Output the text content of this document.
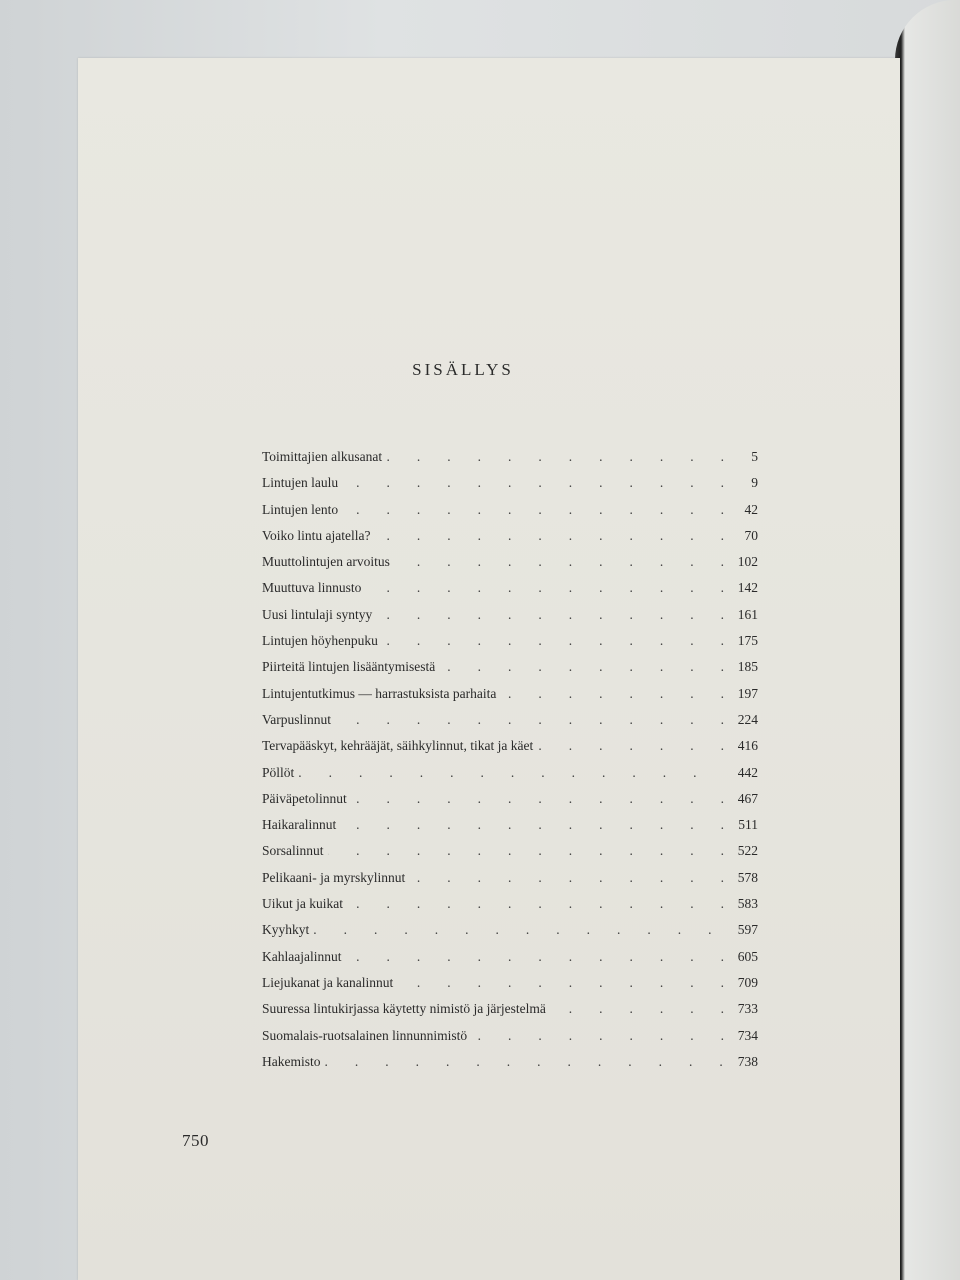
SISÄLLYS
Toimittajien alkusanat .	5
Lintujen laulu .	9
Lintujen lento .	42
Voiko lintu ajatella? .	70
Muuttolintujen arvoitus .	102
Muuttuva linnusto .	142
Uusi lintulaji syntyy .	161
Lintujen höyhenpuku .	175
Piirteitä lintujen lisääntymisestä .	185
Lintujentutkimus — harrastuksista parhaita .	197
Varpuslinnut .	224
Tervapääskyt, kehrääjät, säihkylinnut, tikat ja käet .	416
Pöllöt .	442
Päiväpetolinnut .	467
Haikaralinnut .	511
Sorsalinnut .	522
Pelikaani- ja myrskylinnut .	578
Uikut ja kuikat .	583
Kyyhkyt .	597
Kahlaajalinnut .	605
Liejukanat ja kanalinnut .	709
Suuressa lintukirjassa käytetty nimistö ja järjestelmä .	733
Suomalais-ruotsalainen linnunnimistö .	734
Hakemisto .	738
750
